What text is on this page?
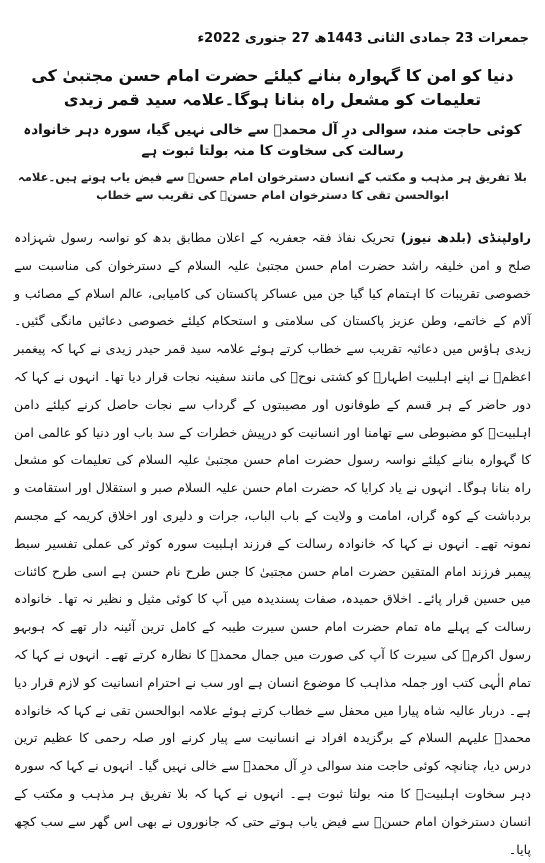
جمعرات 23 جمادی الثانی 1443ھ 27 جنوری 2022ء
دنیا کو امن کا گہوارہ بنانے کیلئے حضرت امام حسن مجتبیٰ کی تعلیمات کو مشعل راہ بنانا ہوگا۔علامہ سید قمر زیدی
کوئی حاجت مند، سوالی درِ آل محمدؐ سے خالی نہیں گیا، سورہ دہر خانوادہ رسالت کی سخاوت کا منہ بولتا ثبوت ہے
بلا تفریق ہر مذہب و مکتب کے انسان دسترخوان امام حسنؑ سے فیض یاب ہوتے ہیں۔علامہ ابوالحسن تقی کا دسترخوان امام حسنؑ کی تقریب سے خطاب

راولپنڈی(بلدھ نیوز)تحریک نفاذ فقہ جعفریہ کے اعلان مطابق بدھ کو نواسہ رسول شہزادہ صلح و امن خلیفہ راشد حضرت امام حسن مجتبیٰ علیہ السلام کے دسترخوان کی مناسبت سے خصوصی تقریبات کا اہتمام کیا گیا جن میں عساکر پاکستان کی کامیابی، عالم اسلام کے مصائب و آلام کے خاتمے، وطن عزیز پاکستان کی سلامتی و استحکام کیلئے خصوصی دعائیں مانگی گئیں۔ زیدی ہاؤس میں دعائیہ تقریب سے خطاب کرتے ہوئے علامہ سید قمر حیدر زیدی نے کہا کہ پیغمبر اعظمؐ نے اپنے اہلبیت اطہارؑ کو کشتی نوحؑ کی مانند سفینہ نجات قرار دیا تھا۔ انہوں نے کہا کہ دور حاضر کے ہر قسم کے طوفانوں اور مصیبتوں کے گرداب سے نجات حاصل کرنے کیلئے دامن اہلبیتؑ کو مضبوطی سے تھامنا اور انسانیت کو درپیش خطرات کے سد باب اور دنیا کو عالمی امن کا گہوارہ بنانے کیلئے نواسہ رسول حضرت امام حسن مجتبیٰ علیہ السلام کی تعلیمات کو مشعل راہ بنانا ہوگا۔ انہوں نے یاد کرایا کہ حضرت امام حسن علیہ السلام صبر و استقلال اور استقامت و بردباشت کے کوہ گراں، امامت و ولایت کے باب الباب، جرات و دلیری اور اخلاق کریمہ کے مجسم نمونہ تھے۔ انہوں نے کہا کہ خانوادہ رسالت کے فرزند اہلبیت سورہ کوثر کی عملی تفسیر سبط پیمبر فرزند امام المتقین حضرت امام حسن مجتبیٰ کا جس طرح نام حسن ہے اسی طرح کائنات میں حسین قرار پائے۔ اخلاق حمیدہ، صفات پسندیدہ میں آپ کا کوئی مثیل و نظیر نہ تھا۔ خانوادہ رسالت کے پہلے ماہ تمام حضرت امام حسن سیرت طیبہ کے کامل ترین آئینہ دار تھے کہ ہوبہو رسول اکرمؐ کی سیرت کا آپ کی صورت میں جمال محمدؐ کا نظارہ کرتے تھے۔ انہوں نے کہا کہ تمام الٰہی کتب اور جملہ مذاہب کا موضوع انسان ہے اور سب نے احترام انسانیت کو لازم قرار دیا ہے۔ دربار عالیہ شاہ پیارا میں محفل سے خطاب کرتے ہوئے علامہ ابوالحسن تقی نے کہا کہ خانوادہ محمدؐ علیہم السلام کے برگزیدہ افراد نے انسانیت سے پیار کرنے اور صلہ رحمی کا عظیم ترین درس دیا، چنانچہ کوئی حاجت مند سوالی درِ آل محمدؐ سے خالی نہیں گیا۔ انہوں نے کہا کہ سورہ دہر سخاوت اہلبیتؑ کا منہ بولتا ثبوت ہے۔ انہوں نے کہا کہ بلا تفریق ہر مذہب و مکتب کے انسان دسترخوان امام حسنؑ سے فیض یاب ہوتے حتی کہ جانوروں نے بھی اس گھر سے سب کچھ پایا۔
